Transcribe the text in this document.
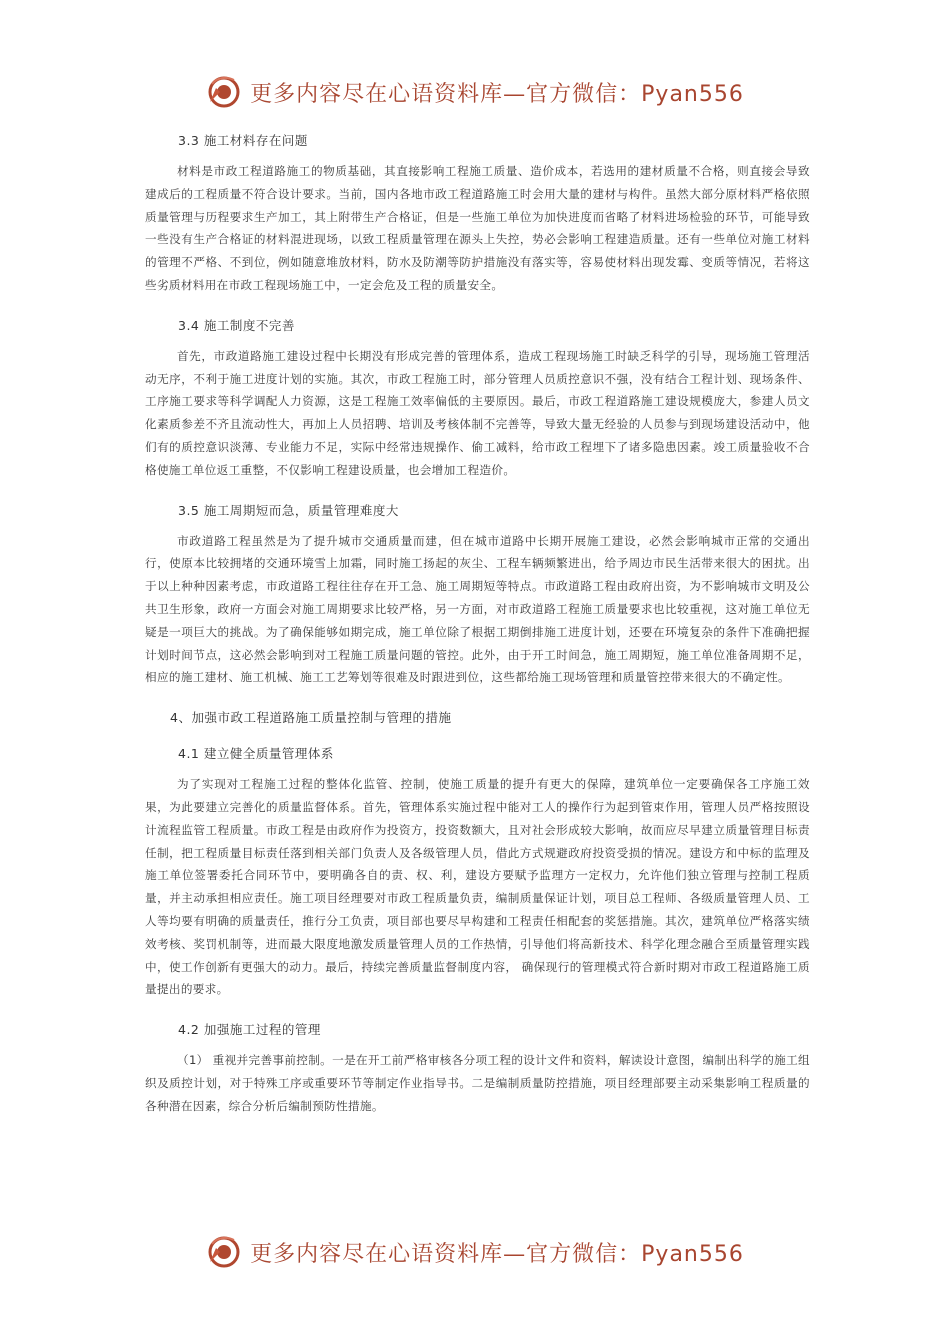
更多内容尽在心语资料库—官方微信：Pyan556
3.3 施工材料存在问题
材料是市政工程道路施工的物质基础，其直接影响工程施工质量、造价成本，若选用的建材质量不合格，则直接会导致建成后的工程质量不符合设计要求。当前，国内各地市政工程道路施工时会用大量的建材与构件。虽然大部分原材料严格依照质量管理与历程要求生产加工，其上附带生产合格证，但是一些施工单位为加快进度而省略了材料进场检验的环节，可能导致一些没有生产合格证的材料混进现场，以致工程质量管理在源头上失控，势必会影响工程建造质量。还有一些单位对施工材料的管理不严格、不到位，例如随意堆放材料，防水及防潮等防护措施没有落实等，容易使材料出现发霉、变质等情况，若将这些劣质材料用在市政工程现场施工中，一定会危及工程的质量安全。
3.4 施工制度不完善
首先，市政道路施工建设过程中长期没有形成完善的管理体系，造成工程现场施工时缺乏科学的引导，现场施工管理活动无序，不利于施工进度计划的实施。其次，市政工程施工时，部分管理人员质控意识不强，没有结合工程计划、现场条件、工序施工要求等科学调配人力资源，这是工程施工效率偏低的主要原因。最后，市政工程道路施工建设规模庞大，参建人员文化素质参差不齐且流动性大，再加上人员招聘、培训及考核体制不完善等，导致大量无经验的人员参与到现场建设活动中，他们有的质控意识淡薄、专业能力不足，实际中经常违规操作、偷工减料，给市政工程埋下了诸多隐患因素。竣工质量验收不合格使施工单位返工重整，不仅影响工程建设质量，也会增加工程造价。
3.5 施工周期短而急，质量管理难度大
市政道路工程虽然是为了提升城市交通质量而建，但在城市道路中长期开展施工建设，必然会影响城市正常的交通出行，使原本比较拥堵的交通环境雪上加霜，同时施工扬起的灰尘、工程车辆频繁进出，给予周边市民生活带来很大的困扰。出于以上种种因素考虑，市政道路工程往往存在开工急、施工周期短等特点。市政道路工程由政府出资，为不影响城市文明及公共卫生形象，政府一方面会对施工周期要求比较严格，另一方面，对市政道路工程施工质量要求也比较重视，这对施工单位无疑是一项巨大的挑战。为了确保能够如期完成，施工单位除了根据工期倒排施工进度计划，还要在环境复杂的条件下准确把握计划时间节点，这必然会影响到对工程施工质量问题的管控。此外，由于开工时间急，施工周期短，施工单位准备周期不足，相应的施工建材、施工机械、施工工艺筹划等很难及时跟进到位，这些都给施工现场管理和质量管控带来很大的不确定性。
4、加强市政工程道路施工质量控制与管理的措施
4.1 建立健全质量管理体系
为了实现对工程施工过程的整体化监管、控制，使施工质量的提升有更大的保障，建筑单位一定要确保各工序施工效果，为此要建立完善化的质量监督体系。首先，管理体系实施过程中能对工人的操作行为起到管束作用，管理人员严格按照设计流程监管工程质量。市政工程是由政府作为投资方，投资数额大，且对社会形成较大影响，故而应尽早建立质量管理目标责任制，把工程质量目标责任落到相关部门负责人及各级管理人员，借此方式规避政府投资受损的情况。建设方和中标的监理及施工单位签署委托合同环节中，要明确各自的责、权、利，建设方要赋予监理方一定权力，允许他们独立管理与控制工程质量，并主动承担相应责任。施工项目经理要对市政工程质量负责，编制质量保证计划，项目总工程师、各级质量管理人员、工人等均要有明确的质量责任，推行分工负责，项目部也要尽早构建和工程责任相配套的奖惩措施。其次，建筑单位严格落实绩效考核、奖罚机制等，进而最大限度地激发质量管理人员的工作热情，引导他们将高新技术、科学化理念融合至质量管理实践中，使工作创新有更强大的动力。最后，持续完善质量监督制度内容， 确保现行的管理模式符合新时期对市政工程道路施工质量提出的要求。
4.2 加强施工过程的管理
（1） 重视并完善事前控制。一是在开工前严格审核各分项工程的设计文件和资料，解读设计意图，编制出科学的施工组织及质控计划，对于特殊工序或重要环节等制定作业指导书。二是编制质量防控措施，项目经理部要主动采集影响工程质量的各种潜在因素，综合分析后编制预防性措施。
更多内容尽在心语资料库—官方微信：Pyan556
